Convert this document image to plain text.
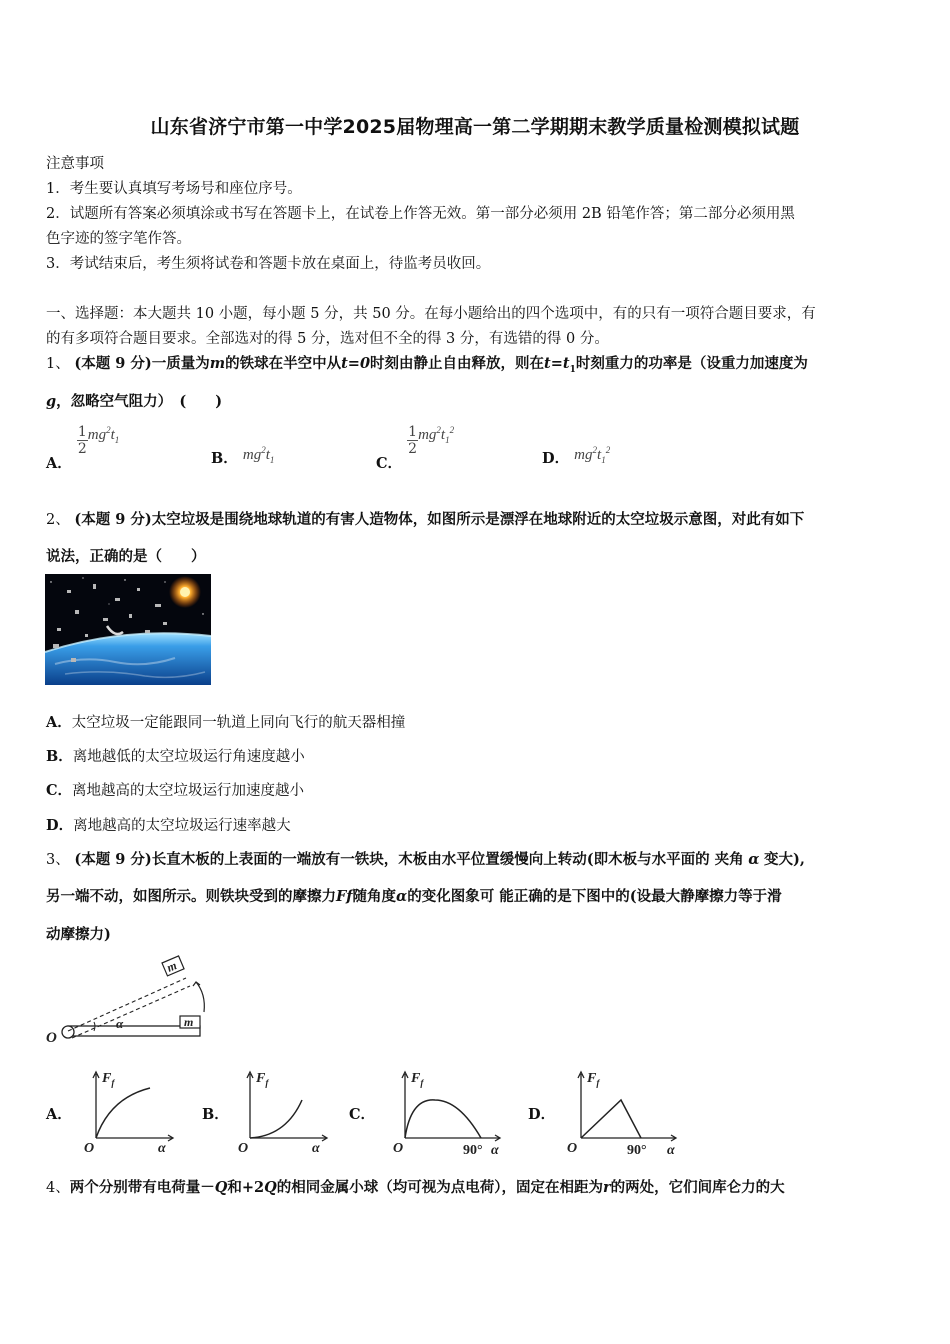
山东省济宁市第一中学2025届物理高一第二学期期末教学质量检测模拟试题
注意事项
1．考生要认真填写考场号和座位序号。
2．试题所有答案必须填涂或书写在答题卡上，在试卷上作答无效。第一部分必须用 2B 铅笔作答；第二部分必须用黑
色字迹的签字笔作答。
3．考试结束后，考生须将试卷和答题卡放在桌面上，待监考员收回。
一、选择题：本大题共 10 小题，每小题 5 分，共 50 分。在每小题给出的四个选项中，有的只有一项符合题目要求，有
的有多项符合题目要求。全部选对的得 5 分，选对但不全的得 3 分，有选错的得 0 分。
1、 (本题 9 分)一质量为m的铁球在半空中从t=0时刻由静止自由释放，则在$t=t_1$时刻重力的功率是（设重力加速度为
g，忽略空气阻力）　(　　)
A．
$\frac{1}{2} mg^2t_1$
B． $mg^2t_1$	C．
$\frac{1}{2} mg^2t_1^2$
D． $mg^2t_1^2$
2、 (本题 9 分)太空垃圾是围绕地球轨道的有害人造物体，如图所示是漂浮在地球附近的太空垃圾示意图，对此有如下
说法，正确的是（　　）
A．太空垃圾一定能跟同一轨道上同向飞行的航天器相撞
B．离地越低的太空垃圾运行角速度越小
C．离地越高的太空垃圾运行加速度越小
D．离地越高的太空垃圾运行速率越大
3、 (本题 9 分)长直木板的上表面的一端放有一铁块，木板由水平位置缓慢向上转动(即木板与水平面的 夹角 α 变大),
另一端不动，如图所示。则铁块受到的摩擦力Ff随角度α的变化图象可 能正确的是下图中的(设最大静摩擦力等于滑
动摩擦力)
m
m
α
O
A．
$F_f$
O	α
B．
$F_f$
O	α
C．
$F_f$
O	90° α
D．
$F_f$
O	90° α
4、两个分别带有电荷量－Q和+2Q的相同金属小球（均可视为点电荷），固定在相距为r的两处，它们间库仑力的大
